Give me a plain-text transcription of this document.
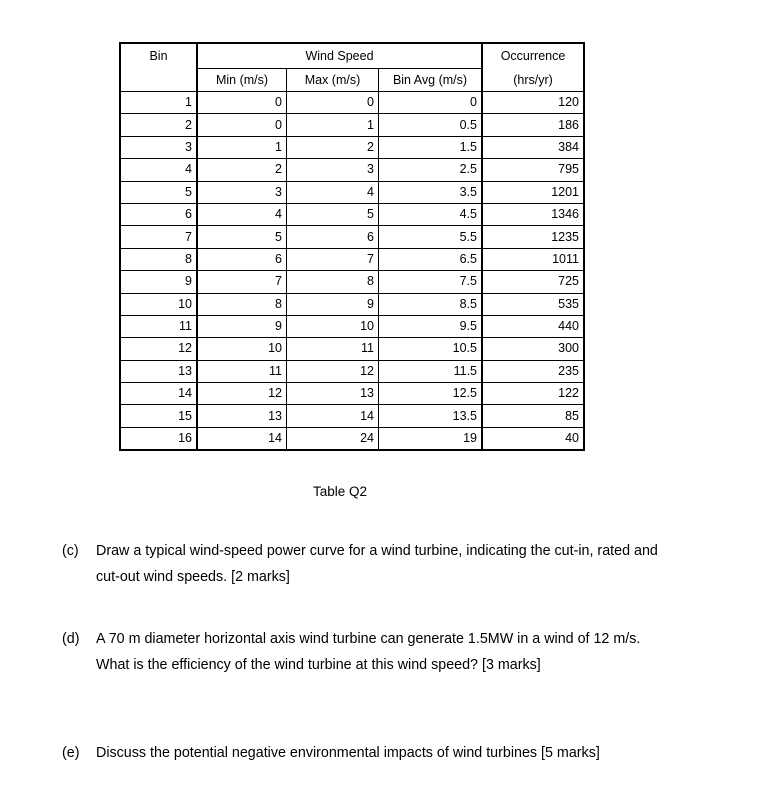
Bin	Wind Speed			Occurrence
	Min (m/s)	Max (m/s)	Bin Avg (m/s)	(hrs/yr)
1	0	0	0	120
2	0	1	0.5	186
3	1	2	1.5	384
4	2	3	2.5	795
5	3	4	3.5	1201
6	4	5	4.5	1346
7	5	6	5.5	1235
8	6	7	6.5	1011
9	7	8	7.5	725
10	8	9	8.5	535
11	9	10	9.5	440
12	10	11	10.5	300
13	11	12	11.5	235
14	12	13	12.5	122
15	13	14	13.5	85
16	14	24	19	40
Table Q2
(c) Draw a typical wind-speed power curve for a wind turbine, indicating the cut-in, rated and cut-out wind speeds. [2 marks]
(d) A 70 m diameter horizontal axis wind turbine can generate 1.5MW in a wind of 12 m/s. What is the efficiency of the wind turbine at this wind speed? [3 marks]
(e) Discuss the potential negative environmental impacts of wind turbines [5 marks]
